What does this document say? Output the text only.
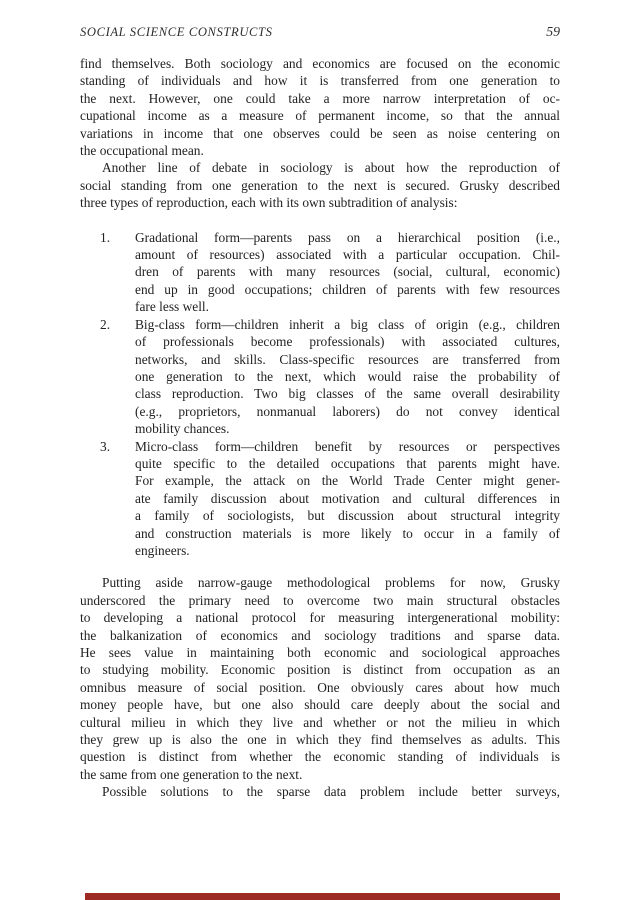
SOCIAL SCIENCE CONSTRUCTS	59
find themselves. Both sociology and economics are focused on the economic
standing of individuals and how it is transferred from one generation to
the next. However, one could take a more narrow interpretation of oc-
cupational income as a measure of permanent income, so that the annual
variations in income that one observes could be seen as noise centering on
the occupational mean.
Another line of debate in sociology is about how the reproduction of
social standing from one generation to the next is secured. Grusky described
three types of reproduction, each with its own subtradition of analysis:
1.	Gradational form—parents pass on a hierarchical position (i.e.,
amount of resources) associated with a particular occupation. Chil-
dren of parents with many resources (social, cultural, economic)
end up in good occupations; children of parents with few resources
fare less well.
2.	Big-class form—children inherit a big class of origin (e.g., children
of professionals become professionals) with associated cultures,
networks, and skills. Class-specific resources are transferred from
one generation to the next, which would raise the probability of
class reproduction. Two big classes of the same overall desirability
(e.g., proprietors, nonmanual laborers) do not convey identical
mobility chances.
3.	Micro-class form—children benefit by resources or perspectives
quite specific to the detailed occupations that parents might have.
For example, the attack on the World Trade Center might gener-
ate family discussion about motivation and cultural differences in
a family of sociologists, but discussion about structural integrity
and construction materials is more likely to occur in a family of
engineers.
Putting aside narrow-gauge methodological problems for now, Grusky
underscored the primary need to overcome two main structural obstacles
to developing a national protocol for measuring intergenerational mobility:
the balkanization of economics and sociology traditions and sparse data.
He sees value in maintaining both economic and sociological approaches
to studying mobility. Economic position is distinct from occupation as an
omnibus measure of social position. One obviously cares about how much
money people have, but one also should care deeply about the social and
cultural milieu in which they live and whether or not the milieu in which
they grew up is also the one in which they find themselves as adults. This
question is distinct from whether the economic standing of individuals is
the same from one generation to the next.
Possible solutions to the sparse data problem include better surveys,
